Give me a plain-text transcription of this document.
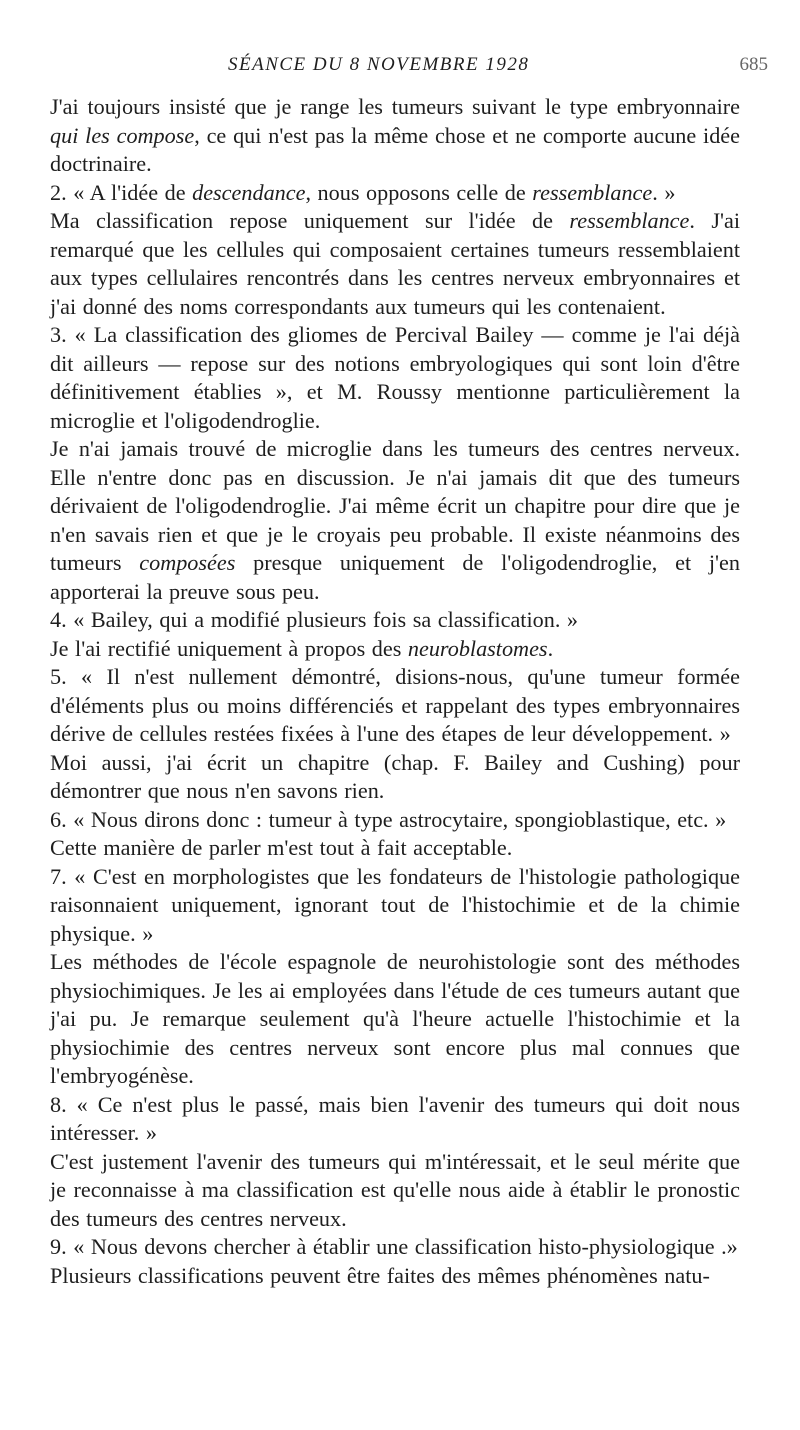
SÉANCE DU 8 NOVEMBRE 1928	685

J'ai toujours insisté que je range les tumeurs suivant le type embryonnaire qui les compose, ce qui n'est pas la même chose et ne comporte aucune idée doctrinaire.

2. « A l'idée de descendance, nous opposons celle de ressemblance. »

Ma classification repose uniquement sur l'idée de ressemblance. J'ai remarqué que les cellules qui composaient certaines tumeurs ressemblaient aux types cellulaires rencontrés dans les centres nerveux embryonnaires et j'ai donné des noms correspondants aux tumeurs qui les contenaient.

3. « La classification des gliomes de Percival Bailey — comme je l'ai déjà dit ailleurs — repose sur des notions embryologiques qui sont loin d'être définitivement établies », et M. Roussy mentionne particulièrement la microglie et l'oligodendroglie.

Je n'ai jamais trouvé de microglie dans les tumeurs des centres nerveux. Elle n'entre donc pas en discussion. Je n'ai jamais dit que des tumeurs dérivaient de l'oligodendroglie. J'ai même écrit un chapitre pour dire que je n'en savais rien et que je le croyais peu probable. Il existe néanmoins des tumeurs composées presque uniquement de l'oligodendroglie, et j'en apporterai la preuve sous peu.

4. « Bailey, qui a modifié plusieurs fois sa classification. »

Je l'ai rectifié uniquement à propos des neuroblastomes.

5. « Il n'est nullement démontré, disions-nous, qu'une tumeur formée d'éléments plus ou moins différenciés et rappelant des types embryonnaires dérive de cellules restées fixées à l'une des étapes de leur développement. »

Moi aussi, j'ai écrit un chapitre (chap. F. Bailey and Cushing) pour démontrer que nous n'en savons rien.

6. « Nous dirons donc : tumeur à type astrocytaire, spongioblastique, etc. »

Cette manière de parler m'est tout à fait acceptable.

7. « C'est en morphologistes que les fondateurs de l'histologie pathologique raisonnaient uniquement, ignorant tout de l'histochimie et de la chimie physique. »

Les méthodes de l'école espagnole de neurohistologie sont des méthodes physiochimiques. Je les ai employées dans l'étude de ces tumeurs autant que j'ai pu. Je remarque seulement qu'à l'heure actuelle l'histochimie et la physiochimie des centres nerveux sont encore plus mal connues que l'embryogénèse.

8. « Ce n'est plus le passé, mais bien l'avenir des tumeurs qui doit nous intéresser. »

C'est justement l'avenir des tumeurs qui m'intéressait, et le seul mérite que je reconnaisse à ma classification est qu'elle nous aide à établir le pronostic des tumeurs des centres nerveux.

9. « Nous devons chercher à établir une classification histo-physiologique .»

Plusieurs classifications peuvent être faites des mêmes phénomènes natu-
